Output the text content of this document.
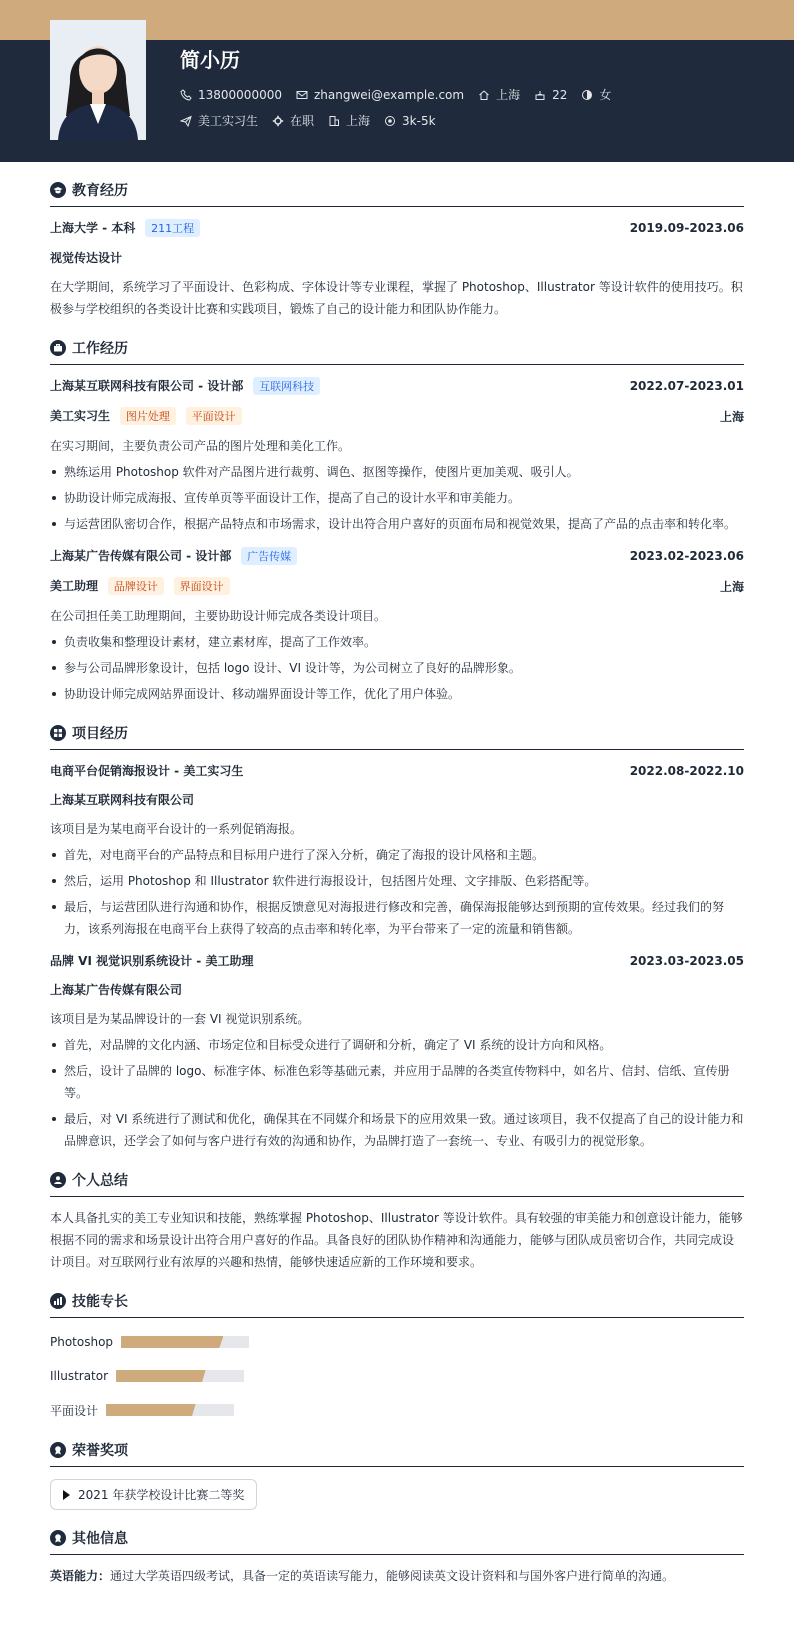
简小历
13800000000	zhangwei@example.com	上海	22	女
美工实习生	在职	上海	3k-5k
教育经历
上海大学 - 本科 211工程	2019.09-2023.06
视觉传达设计
在大学期间，系统学习了平面设计、色彩构成、字体设计等专业课程，掌握了 Photoshop、Illustrator 等设计软件的使用技巧。积极参与学校组织的各类设计比赛和实践项目，锻炼了自己的设计能力和团队协作能力。
工作经历
上海某互联网科技有限公司 - 设计部 互联网科技	2022.07-2023.01
美工实习生 图片处理 平面设计	上海
在实习期间，主要负责公司产品的图片处理和美化工作。
熟练运用 Photoshop 软件对产品图片进行裁剪、调色、抠图等操作，使图片更加美观、吸引人。
协助设计师完成海报、宣传单页等平面设计工作，提高了自己的设计水平和审美能力。
与运营团队密切合作，根据产品特点和市场需求，设计出符合用户喜好的页面布局和视觉效果，提高了产品的点击率和转化率。
上海某广告传媒有限公司 - 设计部 广告传媒	2023.02-2023.06
美工助理 品牌设计 界面设计	上海
在公司担任美工助理期间，主要协助设计师完成各类设计项目。
负责收集和整理设计素材，建立素材库，提高了工作效率。
参与公司品牌形象设计，包括 logo 设计、VI 设计等，为公司树立了良好的品牌形象。
协助设计师完成网站界面设计、移动端界面设计等工作，优化了用户体验。
项目经历
电商平台促销海报设计 - 美工实习生	2022.08-2022.10
上海某互联网科技有限公司
该项目是为某电商平台设计的一系列促销海报。
首先，对电商平台的产品特点和目标用户进行了深入分析，确定了海报的设计风格和主题。
然后，运用 Photoshop 和 Illustrator 软件进行海报设计，包括图片处理、文字排版、色彩搭配等。
最后，与运营团队进行沟通和协作，根据反馈意见对海报进行修改和完善，确保海报能够达到预期的宣传效果。经过我们的努力，该系列海报在电商平台上获得了较高的点击率和转化率，为平台带来了一定的流量和销售额。
品牌 VI 视觉识别系统设计 - 美工助理	2023.03-2023.05
上海某广告传媒有限公司
该项目是为某品牌设计的一套 VI 视觉识别系统。
首先，对品牌的文化内涵、市场定位和目标受众进行了调研和分析，确定了 VI 系统的设计方向和风格。
然后，设计了品牌的 logo、标准字体、标准色彩等基础元素，并应用于品牌的各类宣传物料中，如名片、信封、信纸、宣传册等。
最后，对 VI 系统进行了测试和优化，确保其在不同媒介和场景下的应用效果一致。通过该项目，我不仅提高了自己的设计能力和品牌意识，还学会了如何与客户进行有效的沟通和协作，为品牌打造了一套统一、专业、有吸引力的视觉形象。
个人总结
本人具备扎实的美工专业知识和技能，熟练掌握 Photoshop、Illustrator 等设计软件。具有较强的审美能力和创意设计能力，能够根据不同的需求和场景设计出符合用户喜好的作品。具备良好的团队协作精神和沟通能力，能够与团队成员密切合作，共同完成设计项目。对互联网行业有浓厚的兴趣和热情，能够快速适应新的工作环境和要求。
技能专长
Photoshop
Illustrator
平面设计
荣誉奖项
2021 年获学校设计比赛二等奖
其他信息
英语能力：通过大学英语四级考试，具备一定的英语读写能力，能够阅读英文设计资料和与国外客户进行简单的沟通。
